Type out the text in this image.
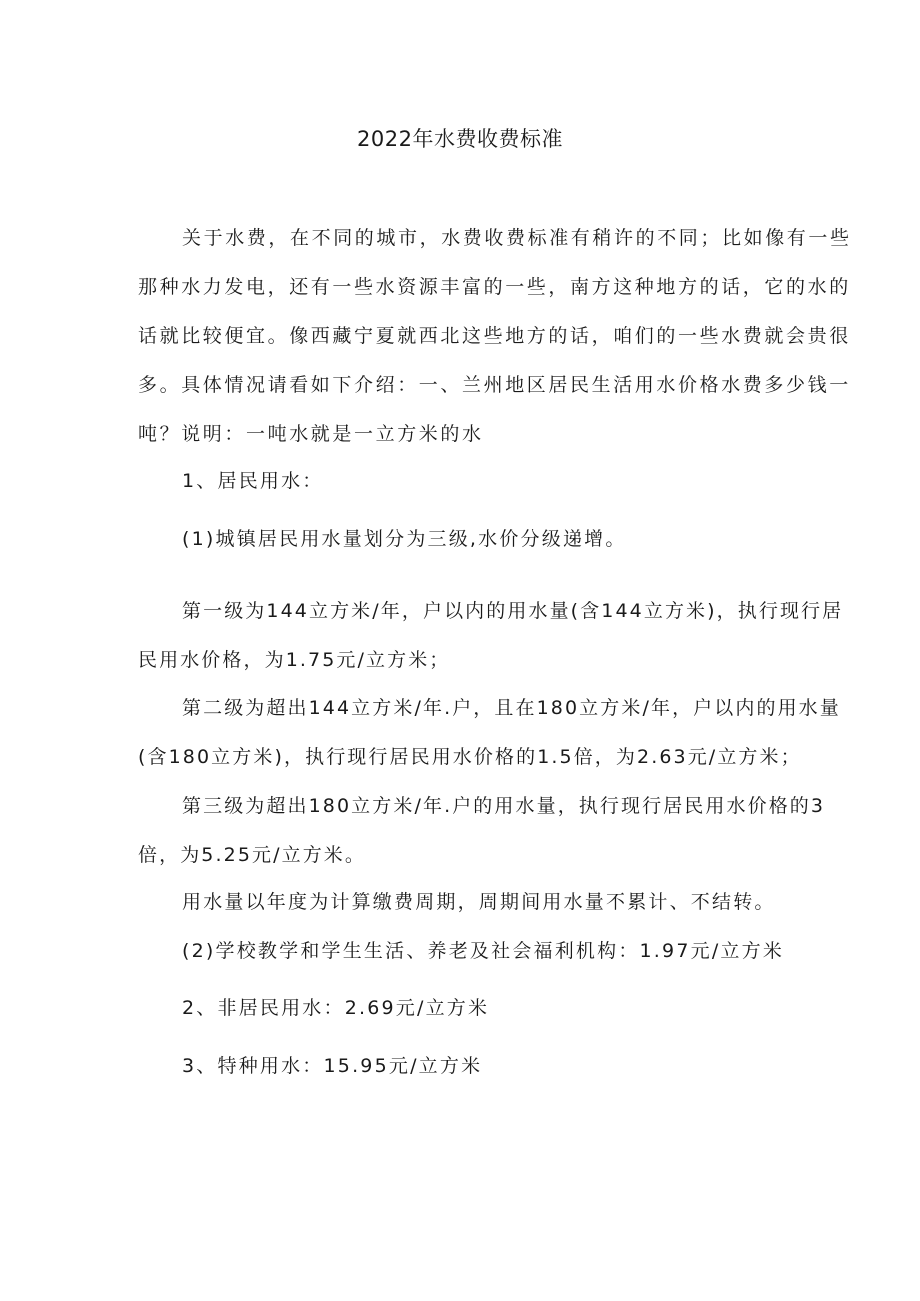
2022年水费收费标准

关于水费，在不同的城市，水费收费标准有稍许的不同；比如像有一些那种水力发电，还有一些水资源丰富的一些，南方这种地方的话，它的水的话就比较便宜。像西藏宁夏就西北这些地方的话，咱们的一些水费就会贵很多。具体情况请看如下介绍：一、兰州地区居民生活用水价格水费多少钱一吨？说明：一吨水就是一立方米的水

1、居民用水：
(1)城镇居民用水量划分为三级,水价分级递增。

第一级为144立方米/年，户以内的用水量(含144立方米)，执行现行居民用水价格，为1.75元/立方米；

第二级为超出144立方米/年.户，且在180立方米/年，户以内的用水量(含180立方米)，执行现行居民用水价格的1.5倍，为2.63元/立方米；

第三级为超出180立方米/年.户的用水量，执行现行居民用水价格的3倍，为5.25元/立方米。

用水量以年度为计算缴费周期，周期间用水量不累计、不结转。
(2)学校教学和学生生活、养老及社会福利机构：1.97元/立方米
2、非居民用水：2.69元/立方米
3、特种用水：15.95元/立方米
